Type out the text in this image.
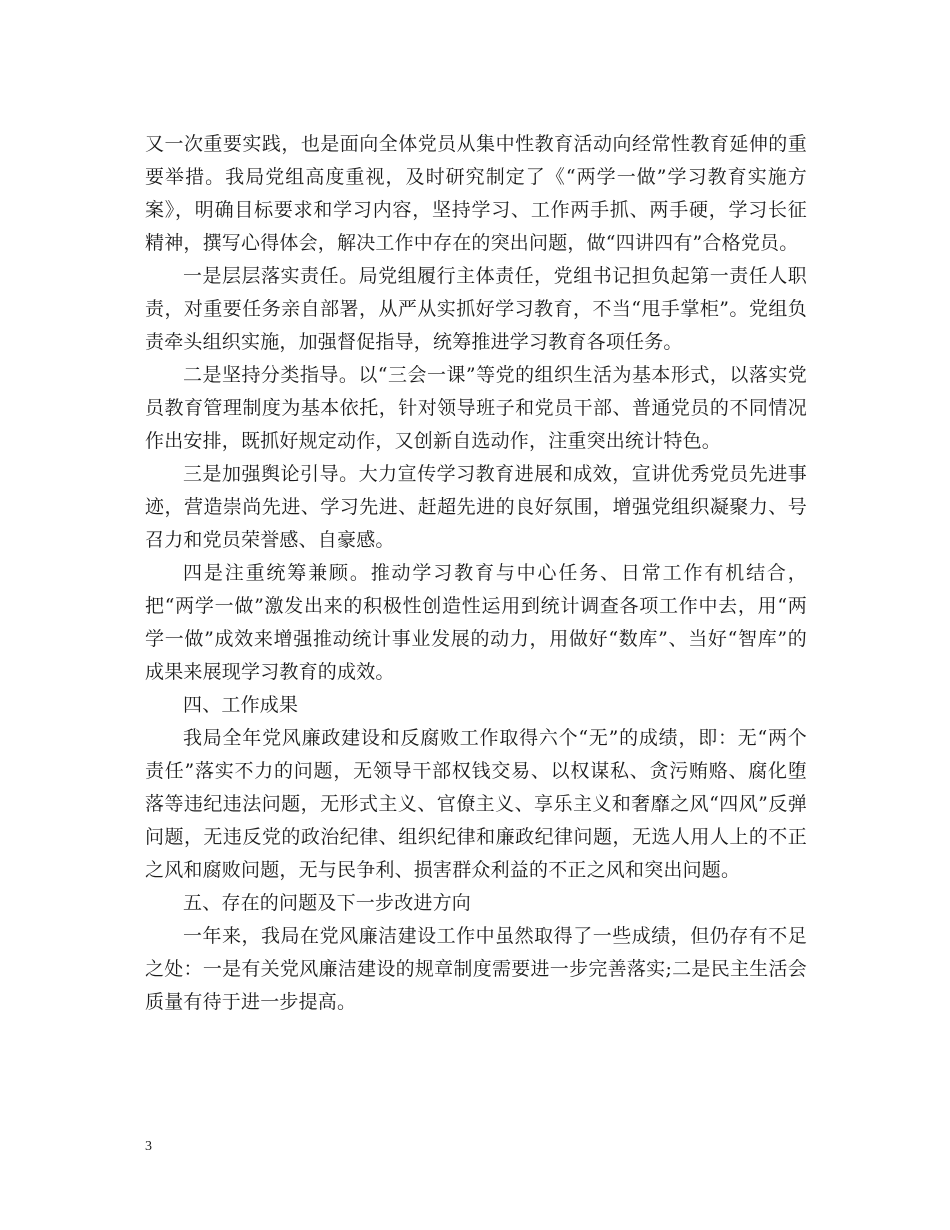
又一次重要实践，也是面向全体党员从集中性教育活动向经常性教育延伸的重要举措。我局党组高度重视，及时研究制定了《“两学一做”学习教育实施方案》，明确目标要求和学习内容，坚持学习、工作两手抓、两手硬，学习长征精神，撰写心得体会，解决工作中存在的突出问题，做“四讲四有”合格党员。

一是层层落实责任。局党组履行主体责任，党组书记担负起第一责任人职责，对重要任务亲自部署，从严从实抓好学习教育，不当“甩手掌柜”。党组负责牵头组织实施，加强督促指导，统筹推进学习教育各项任务。

二是坚持分类指导。以“三会一课”等党的组织生活为基本形式，以落实党员教育管理制度为基本依托，针对领导班子和党员干部、普通党员的不同情况作出安排，既抓好规定动作，又创新自选动作，注重突出统计特色。

三是加强舆论引导。大力宣传学习教育进展和成效，宣讲优秀党员先进事迹，营造崇尚先进、学习先进、赶超先进的良好氛围，增强党组织凝聚力、号召力和党员荣誉感、自豪感。

四是注重统筹兼顾。推动学习教育与中心任务、日常工作有机结合，把“两学一做”激发出来的积极性创造性运用到统计调查各项工作中去，用“两学一做”成效来增强推动统计事业发展的动力，用做好“数库”、当好“智库”的成果来展现学习教育的成效。

四、工作成果

我局全年党风廉政建设和反腐败工作取得六个“无”的成绩，即：无“两个责任”落实不力的问题，无领导干部权钱交易、以权谋私、贪污贿赂、腐化堕落等违纪违法问题，无形式主义、官僚主义、享乐主义和奢靡之风“四风”反弹问题，无违反党的政治纪律、组织纪律和廉政纪律问题，无选人用人上的不正之风和腐败问题，无与民争利、损害群众利益的不正之风和突出问题。

五、存在的问题及下一步改进方向

一年来，我局在党风廉洁建设工作中虽然取得了一些成绩，但仍存有不足之处：一是有关党风廉洁建设的规章制度需要进一步完善落实;二是民主生活会质量有待于进一步提高。

3
